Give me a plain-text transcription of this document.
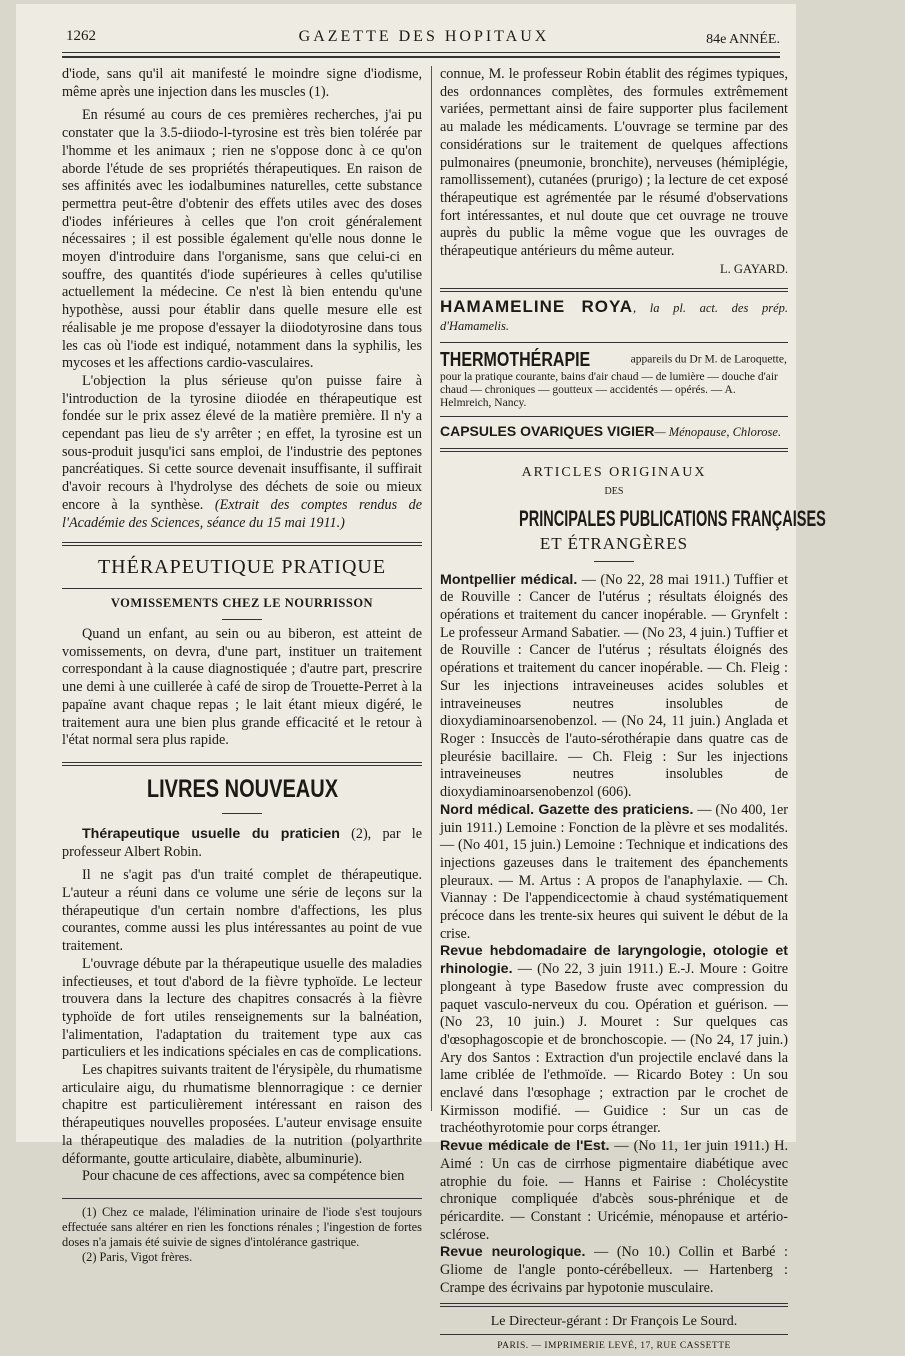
1262	GAZETTE DES HOPITAUX	84e ANNÉE.

d'iode, sans qu'il ait manifesté le moindre signe d'iodisme, même après une injection dans les muscles (1).

En résumé au cours de ces premières recherches, j'ai pu constater que la 3.5-diiodo-l-tyrosine est très bien tolérée par l'homme et les animaux ; rien ne s'oppose donc à ce qu'on aborde l'étude de ses propriétés thérapeutiques. En raison de ses affinités avec les iodalbumines naturelles, cette substance permettra peut-être d'obtenir des effets utiles avec des doses d'iodes inférieures à celles que l'on croit généralement nécessaires ; il est possible également qu'elle nous donne le moyen d'introduire dans l'organisme, sans que celui-ci en souffre, des quantités d'iode supérieures à celles qu'utilise actuellement la médecine. Ce n'est là bien entendu qu'une hypothèse, aussi pour établir dans quelle mesure elle est réalisable je me propose d'essayer la diiodotyrosine dans tous les cas où l'iode est indiqué, notamment dans la syphilis, les mycoses et les affections cardio-vasculaires.

L'objection la plus sérieuse qu'on puisse faire à l'introduction de la tyrosine diiodée en thérapeutique est fondée sur le prix assez élevé de la matière première. Il n'y a cependant pas lieu de s'y arrêter ; en effet, la tyrosine est un sous-produit jusqu'ici sans emploi, de l'industrie des peptones pancréatiques. Si cette source devenait insuffisante, il suffirait d'avoir recours à l'hydrolyse des déchets de soie ou mieux encore à la synthèse. (Extrait des comptes rendus de l'Académie des Sciences, séance du 15 mai 1911.)

THÉRAPEUTIQUE PRATIQUE
VOMISSEMENTS CHEZ LE NOURRISSON

Quand un enfant, au sein ou au biberon, est atteint de vomissements, on devra, d'une part, instituer un traitement correspondant à la cause diagnostiquée ; d'autre part, prescrire une demi à une cuillerée à café de sirop de Trouette-Perret à la papaïne avant chaque repas ; le lait étant mieux digéré, le traitement aura une bien plus grande efficacité et le retour à l'état normal sera plus rapide.

LIVRES NOUVEAUX

Thérapeutique usuelle du praticien (2), par le professeur Albert Robin.

Il ne s'agit pas d'un traité complet de thérapeutique. L'auteur a réuni dans ce volume une série de leçons sur la thérapeutique d'un certain nombre d'affections, les plus courantes, comme aussi les plus intéressantes au point de vue traitement.

L'ouvrage débute par la thérapeutique usuelle des maladies infectieuses, et tout d'abord de la fièvre typhoïde. Le lecteur trouvera dans la lecture des chapitres consacrés à la fièvre typhoïde de fort utiles renseignements sur la balnéation, l'alimentation, l'adaptation du traitement type aux cas particuliers et les indications spéciales en cas de complications.

Les chapitres suivants traitent de l'érysipèle, du rhumatisme articulaire aigu, du rhumatisme blennorragique : ce dernier chapitre est particulièrement intéressant en raison des thérapeutiques nouvelles proposées. L'auteur envisage ensuite la thérapeutique des maladies de la nutrition (polyarthrite déformante, goutte articulaire, diabète, albuminurie).

Pour chacune de ces affections, avec sa compétence bien

(1) Chez ce malade, l'élimination urinaire de l'iode s'est toujours effectuée sans altérer en rien les fonctions rénales ; l'ingestion de fortes doses n'a jamais été suivie de signes d'intolérance gastrique.

(2) Paris, Vigot frères.

connue, M. le professeur Robin établit des régimes typiques, des ordonnances complètes, des formules extrêmement variées, permettant ainsi de faire supporter plus facilement au malade les médicaments. L'ouvrage se termine par des considérations sur le traitement de quelques affections pulmonaires (pneumonie, bronchite), nerveuses (hémiplégie, ramollissement), cutanées (prurigo) ; la lecture de cet exposé thérapeutique est agrémentée par le résumé d'observations fort intéressantes, et nul doute que cet ouvrage ne trouve auprès du public la même vogue que les ouvrages de thérapeutique antérieurs du même auteur.

L. GAYARD.

HAMAMELINE ROYA, la pl. act. des prép. d'Hamamelis.

THERMOTHÉRAPIE	appareils du Dr M. de Laroquette, pour la pratique courante, bains d'air chaud — de lumière — douche d'air chaud — chroniques — goutteux — accidentés — opérés. — A. Helmreich, Nancy.

CAPSULES OVARIQUES VIGIER— Ménopause, Chlorose.

ARTICLES ORIGINAUX
DES
PRINCIPALES PUBLICATIONS FRANÇAISES
ET ÉTRANGÈRES

Montpellier médical. — (No 22, 28 mai 1911.) Tuffier et de Rouville : Cancer de l'utérus ; résultats éloignés des opérations et traitement du cancer inopérable. — Grynfelt : Le professeur Armand Sabatier. — (No 23, 4 juin.) Tuffier et de Rouville : Cancer de l'utérus ; résultats éloignés des opérations et traitement du cancer inopérable. — Ch. Fleig : Sur les injections intraveineuses acides solubles et intraveineuses neutres insolubles de dioxydiaminoarsenobenzol. — (No 24, 11 juin.) Anglada et Roger : Insuccès de l'auto-sérothérapie dans quatre cas de pleurésie bacillaire. — Ch. Fleig : Sur les injections intraveineuses neutres insolubles de dioxydiaminoarsenobenzol (606).

Nord médical. Gazette des praticiens. — (No 400, 1er juin 1911.) Lemoine : Fonction de la plèvre et ses modalités. — (No 401, 15 juin.) Lemoine : Technique et indications des injections gazeuses dans le traitement des épanchements pleuraux. — M. Artus : A propos de l'anaphylaxie. — Ch. Viannay : De l'appendicectomie à chaud systématiquement précoce dans les trente-six heures qui suivent le début de la crise.

Revue hebdomadaire de laryngologie, otologie et rhinologie. — (No 22, 3 juin 1911.) E.-J. Moure : Goitre plongeant à type Basedow fruste avec compression du paquet vasculo-nerveux du cou. Opération et guérison. — (No 23, 10 juin.) J. Mouret : Sur quelques cas d'œsophagoscopie et de bronchoscopie. — (No 24, 17 juin.) Ary dos Santos : Extraction d'un projectile enclavé dans la lame criblée de l'ethmoïde. — Ricardo Botey : Un sou enclavé dans l'œsophage ; extraction par le crochet de Kirmisson modifié. — Guidice : Sur un cas de trachéothyrotomie pour corps étranger.

Revue médicale de l'Est. — (No 11, 1er juin 1911.) H. Aimé : Un cas de cirrhose pigmentaire diabétique avec atrophie du foie. — Hanns et Fairise : Cholécystite chronique compliquée d'abcès sous-phrénique et de péricardite. — Constant : Uricémie, ménopause et artério-sclérose.

Revue neurologique. — (No 10.) Collin et Barbé : Gliome de l'angle ponto-cérébelleux. — Hartenberg : Crampe des écrivains par hypotonie musculaire.

Le Directeur-gérant : Dr François Le Sourd.
PARIS. — IMPRIMERIE LEVÉ, 17, RUE CASSETTE
